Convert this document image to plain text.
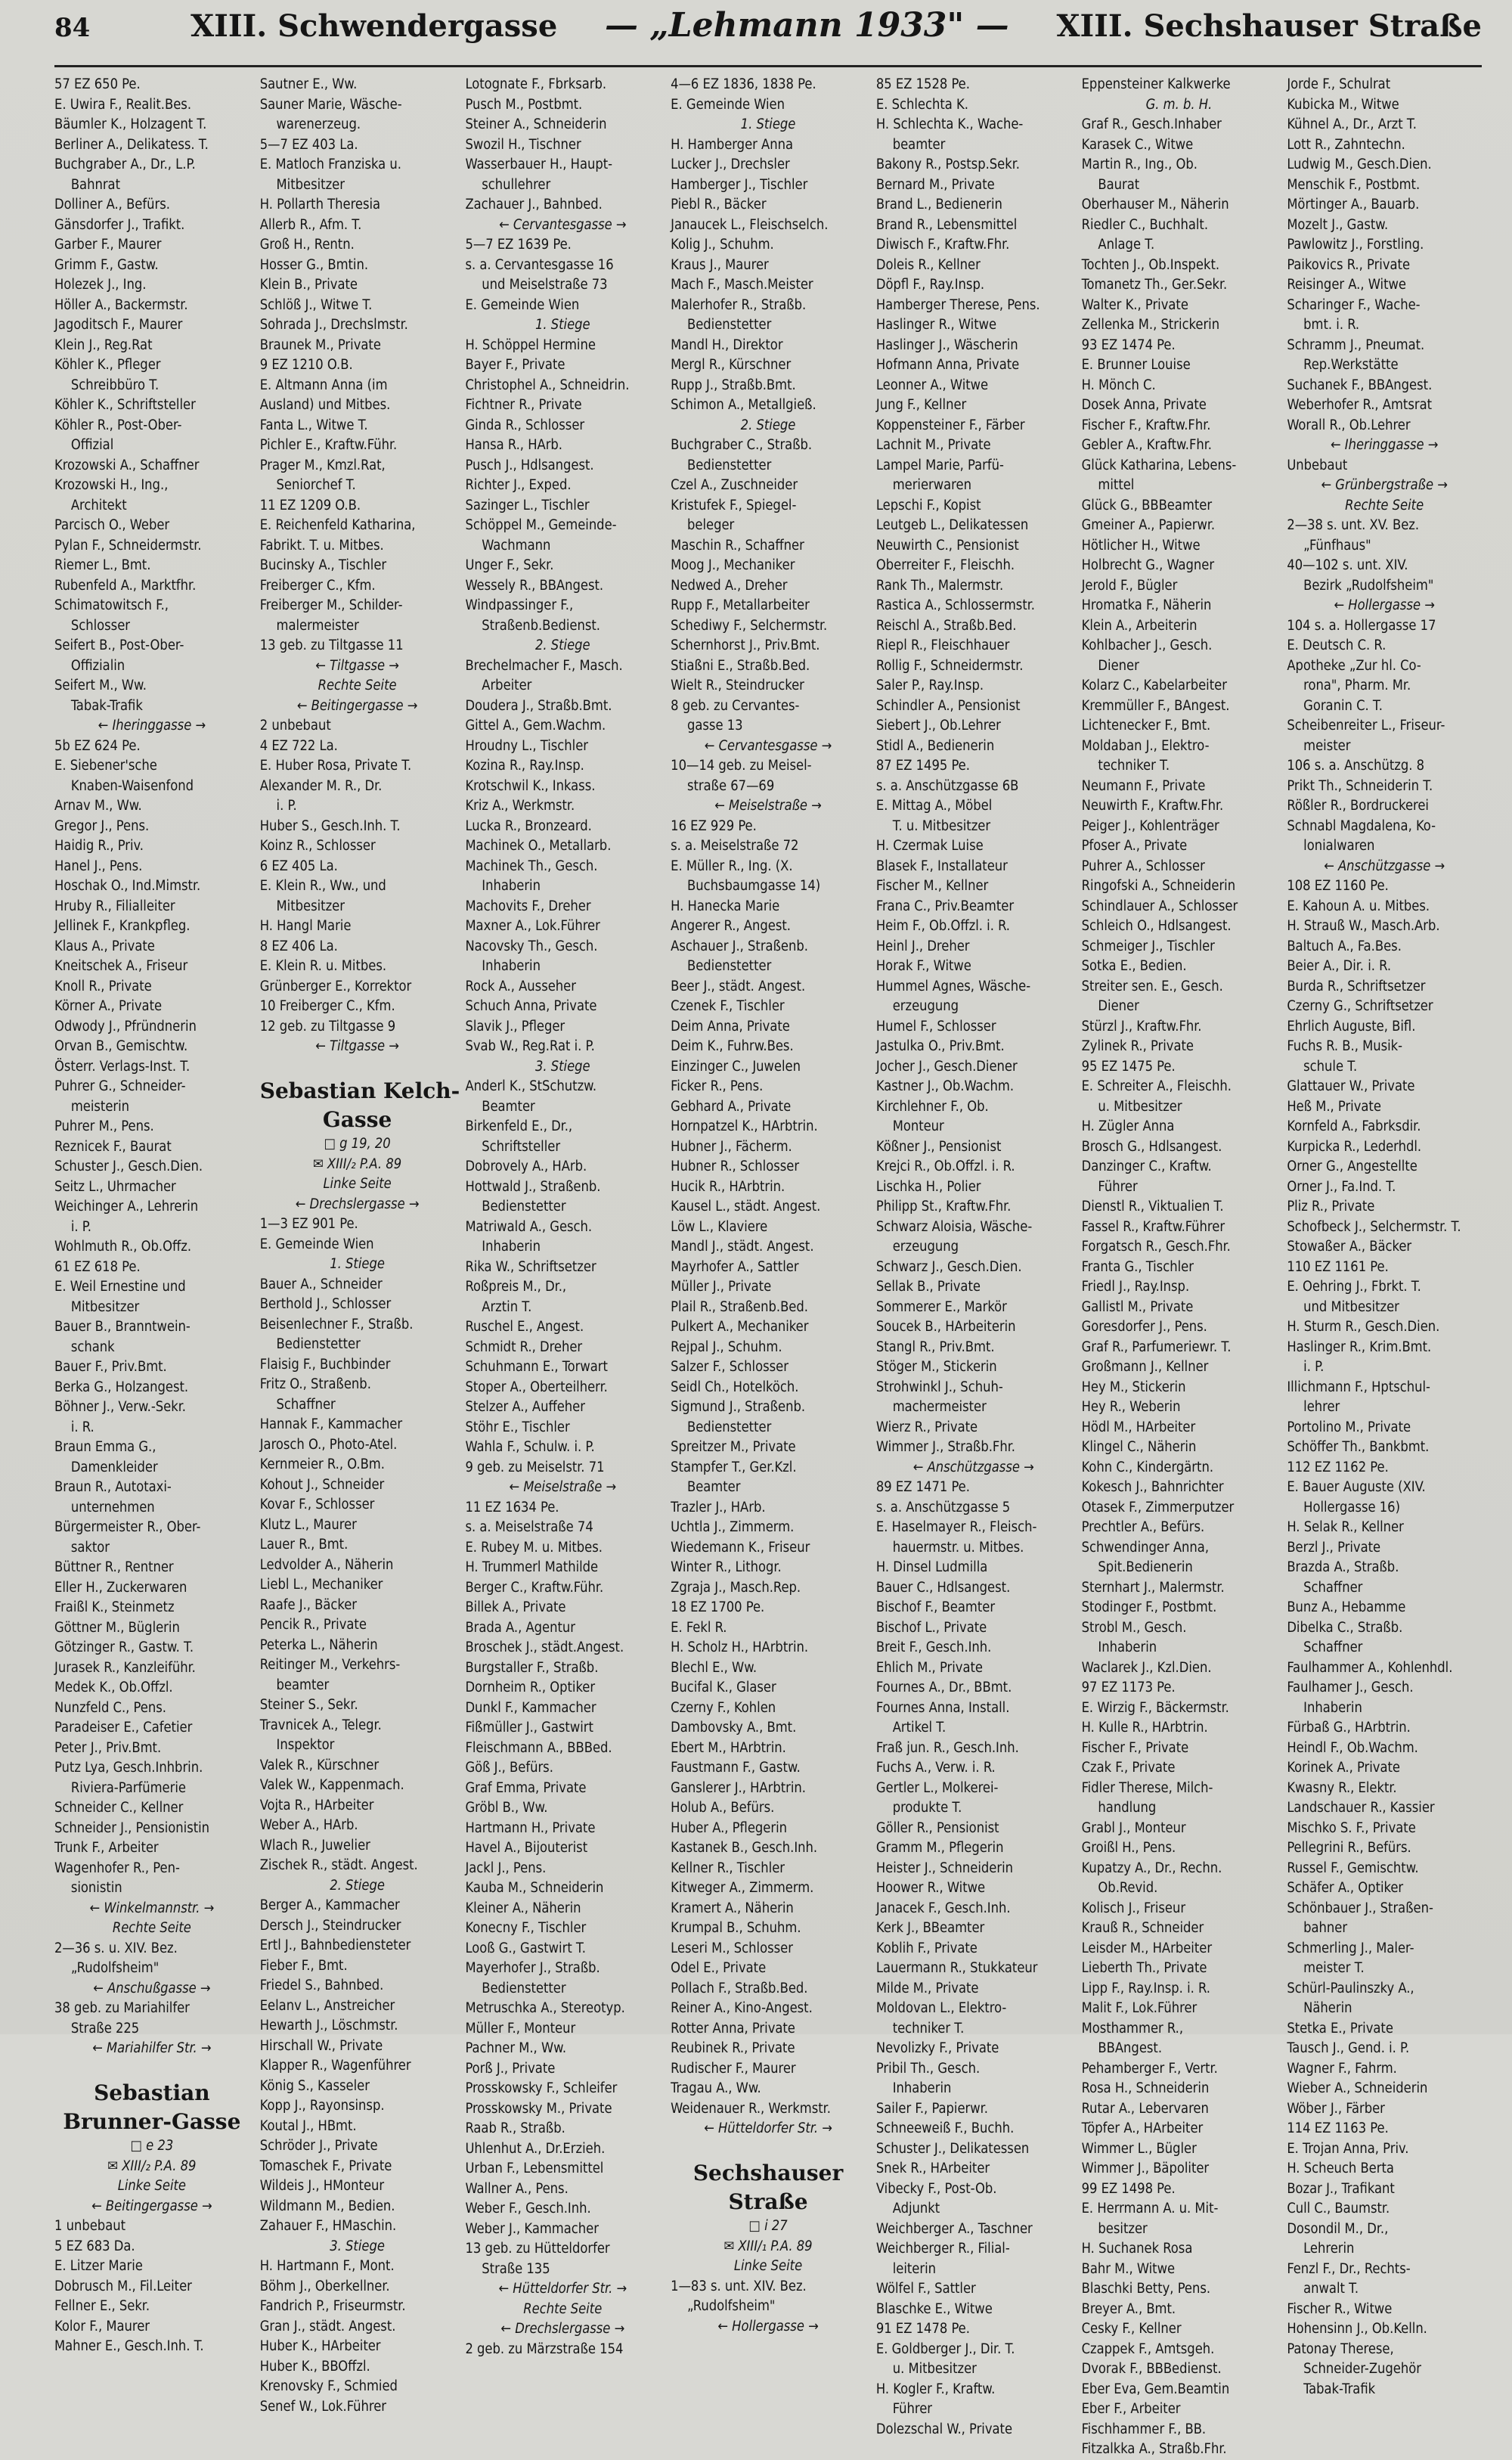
84	XIII. Schwendergasse — „Lehmann 1933" — XIII. Sechshauser Straße
57 EZ 650 Pe.
E. Uwira F., Realit.Bes.
Bäumler K., Holzagent T.
Berliner A., Delikatess. T.
Buchgraber A., Dr., L.P.
Bahnrat
Dolliner A., Befürs.
Gänsdorfer J., Trafikt.
Garber F., Maurer
Grimm F., Gastw.
Holezek J., Ing.
Höller A., Backermstr.
Jagoditsch F., Maurer
Klein J., Reg.Rat
Köhler K., Pfleger
Schreibbüro T.
Köhler K., Schriftsteller
Köhler R., Post-Ober-
Offizial
Krozowski A., Schaffner
Krozowski H., Ing.,
Architekt
Parcisch O., Weber
Pylan F., Schneidermstr.
Riemer L., Bmt.
Rubenfeld A., Marktfhr.
Schimatowitsch F.,
Schlosser
Seifert B., Post-Ober-
Offizialin
Seifert M., Ww.
Tabak-Trafik
← Iheringgasse →
5b EZ 624 Pe.
E. Siebener'sche
Knaben-Waisenfond
Arnav M., Ww.
Gregor J., Pens.
Haidig R., Priv.
Hanel J., Pens.
Hoschak O., Ind.Mimstr.
Hruby R., Filialleiter
Jellinek F., Krankpfleg.
Klaus A., Private
Kneitschek A., Friseur
Knoll R., Private
Körner A., Private
Odwody J., Pfründnerin
Orvan B., Gemischtw.
Österr. Verlags-Inst. T.
Puhrer G., Schneider-
meisterin
Puhrer M., Pens.
Reznicek F., Baurat
Schuster J., Gesch.Dien.
Seitz L., Uhrmacher
Weichinger A., Lehrerin
i. P.
Wohlmuth R., Ob.Offz.
61 EZ 618 Pe.
E. Weil Ernestine und
Mitbesitzer
Bauer B., Branntwein-
schank
Bauer F., Priv.Bmt.
Berka G., Holzangest.
Böhner J., Verw.-Sekr.
i. R.
Braun Emma G.,
Damenkleider
Braun R., Autotaxi-
unternehmen
Bürgermeister R., Ober-
saktor
Büttner R., Rentner
Eller H., Zuckerwaren
Fraißl K., Steinmetz
Göttner M., Büglerin
Götzinger R., Gastw. T.
Jurasek R., Kanzleiführ.
Medek K., Ob.Offzl.
Nunzfeld C., Pens.
Paradeiser E., Cafetier
Peter J., Priv.Bmt.
Putz Lya, Gesch.Inhbrin.
Riviera-Parfümerie
Schneider C., Kellner
Schneider J., Pensionistin
Trunk F., Arbeiter
Wagenhofer R., Pen-
sionistin
← Winkelmannstr. →
Rechte Seite
2—36 s. u. XIV. Bez.
„Rudolfsheim"
← Anschußgasse →
38 geb. zu Mariahilfer
Straße 225
← Mariahilfer Str. →
Sebastian
Brunner-Gasse
□ e 23
✉ XIII/₂ P.A. 89
Linke Seite
← Beitingergasse →
1 unbebaut
5 EZ 683 Da.
E. Litzer Marie
Dobrusch M., Fil.Leiter
Fellner E., Sekr.
Kolor F., Maurer
Mahner E., Gesch.Inh. T.
Sautner E., Ww.
Sauner Marie, Wäsche-
warenerzeug.
5—7 EZ 403 La.
E. Matloch Franziska u.
Mitbesitzer
H. Pollarth Theresia
Allerb R., Afm. T.
Groß H., Rentn.
Hosser G., Bmtin.
Klein B., Private
Schlöß J., Witwe T.
Sohrada J., Drechslmstr.
Braunek M., Private
9 EZ 1210 O.B.
E. Altmann Anna (im
Ausland) und Mitbes.
Fanta L., Witwe T.
Pichler E., Kraftw.Führ.
Prager M., Kmzl.Rat,
Seniorchef T.
11 EZ 1209 O.B.
E. Reichenfeld Katharina,
Fabrikt. T. u. Mitbes.
Bucinsky A., Tischler
Freiberger C., Kfm.
Freiberger M., Schilder-
malermeister
13 geb. zu Tiltgasse 11
← Tiltgasse →
Rechte Seite
← Beitingergasse →
2 unbebaut
4 EZ 722 La.
E. Huber Rosa, Private T.
Alexander M. R., Dr.
i. P.
Huber S., Gesch.Inh. T.
Koinz R., Schlosser
6 EZ 405 La.
E. Klein R., Ww., und
Mitbesitzer
H. Hangl Marie
8 EZ 406 La.
E. Klein R. u. Mitbes.
Grünberger E., Korrektor
10 Freiberger C., Kfm.
12 geb. zu Tiltgasse 9
← Tiltgasse →
Sebastian Kelch-
Gasse
□ g 19, 20
✉ XIII/₂ P.A. 89
Linke Seite
← Drechslergasse →
1—3 EZ 901 Pe.
E. Gemeinde Wien
1. Stiege
Bauer A., Schneider
Berthold J., Schlosser
Beisenlechner F., Straßb.
Bedienstetter
Flaisig F., Buchbinder
Fritz O., Straßenb.
Schaffner
Hannak F., Kammacher
Jarosch O., Photo-Atel.
Kernmeier R., O.Bm.
Kohout J., Schneider
Kovar F., Schlosser
Klutz L., Maurer
Lauer R., Bmt.
Ledvolder A., Näherin
Liebl L., Mechaniker
Raafe J., Bäcker
Pencik R., Private
Peterka L., Näherin
Reitinger M., Verkehrs-
beamter
Steiner S., Sekr.
Travnicek A., Telegr.
Inspektor
Valek R., Kürschner
Valek W., Kappenmach.
Vojta R., HArbeiter
Weber A., HArb.
Wlach R., Juwelier
Zischek R., städt. Angest.
2. Stiege
Berger A., Kammacher
Dersch J., Steindrucker
Ertl J., Bahnbediensteter
Fieber F., Bmt.
Friedel S., Bahnbed.
Eelanv L., Anstreicher
Hewarth J., Löschmstr.
Hirschall W., Private
Klapper R., Wagenführer
König S., Kasseler
Kopp J., Rayonsinsp.
Koutal J., HBmt.
Schröder J., Private
Tomaschek F., Private
Wildeis J., HMonteur
Wildmann M., Bedien.
Zahauer F., HMaschin.
3. Stiege
H. Hartmann F., Mont.
Böhm J., Oberkellner.
Fandrich P., Friseurmstr.
Gran J., städt. Angest.
Huber K., HArbeiter
Huber K., BBOffzl.
Krenovsky F., Schmied
Senef W., Lok.Führer
Lotognate F., Fbrksarb.
Pusch M., Postbmt.
Steiner A., Schneiderin
Swozil H., Tischner
Wasserbauer H., Haupt-
schullehrer
Zachauer J., Bahnbed.
← Cervantesgasse →
5—7 EZ 1639 Pe.
s. a. Cervantesgasse 16
und Meiselstraße 73
E. Gemeinde Wien
1. Stiege
H. Schöppel Hermine
Bayer F., Private
Christophel A., Schneidrin.
Fichtner R., Private
Ginda R., Schlosser
Hansa R., HArb.
Pusch J., Hdlsangest.
Richter J., Exped.
Sazinger L., Tischler
Schöppel M., Gemeinde-
Wachmann
Unger F., Sekr.
Wessely R., BBAngest.
Windpassinger F.,
Straßenb.Bedienst.
2. Stiege
Brechelmacher F., Masch.
Arbeiter
Doudera J., Straßb.Bmt.
Gittel A., Gem.Wachm.
Hroudny L., Tischler
Kozina R., Ray.Insp.
Krotschwil K., Inkass.
Kriz A., Werkmstr.
Lucka R., Bronzeard.
Machinek O., Metallarb.
Machinek Th., Gesch.
Inhaberin
Machovits F., Dreher
Maxner A., Lok.Führer
Nacovsky Th., Gesch.
Inhaberin
Rock A., Ausseher
Schuch Anna, Private
Slavik J., Pfleger
Svab W., Reg.Rat i. P.
3. Stiege
Anderl K., StSchutzw.
Beamter
Birkenfeld E., Dr.,
Schriftsteller
Dobrovely A., HArb.
Hottwald J., Straßenb.
Bedienstetter
Matriwald A., Gesch.
Inhaberin
Rika W., Schriftsetzer
Roßpreis M., Dr.,
Arztin T.
Ruschel E., Angest.
Schmidt R., Dreher
Schuhmann E., Torwart
Stoper A., Oberteilherr.
Stelzer A., Auffeher
Stöhr E., Tischler
Wahla F., Schulw. i. P.
9 geb. zu Meiselstr. 71
← Meiselstraße →
11 EZ 1634 Pe.
s. a. Meiselstraße 74
E. Rubey M. u. Mitbes.
H. Trummerl Mathilde
Berger C., Kraftw.Führ.
Billek A., Private
Brada A., Agentur
Broschek J., städt.Angest.
Burgstaller F., Straßb.
Dornheim R., Optiker
Dunkl F., Kammacher
Fißmüller J., Gastwirt
Fleischmann A., BBBed.
Göß J., Befürs.
Graf Emma, Private
Gröbl B., Ww.
Hartmann H., Private
Havel A., Bijouterist
Jackl J., Pens.
Kauba M., Schneiderin
Kleiner A., Näherin
Konecny F., Tischler
Looß G., Gastwirt T.
Mayerhofer J., Straßb.
Bedienstetter
Metruschka A., Stereotyp.
Müller F., Monteur
Pachner M., Ww.
Porß J., Private
Prosskowsky F., Schleifer
Prosskowsky M., Private
Raab R., Straßb.
Uhlenhut A., Dr.Erzieh.
Urban F., Lebensmittel
Wallner A., Pens.
Weber F., Gesch.Inh.
Weber J., Kammacher
13 geb. zu Hütteldorfer
Straße 135
← Hütteldorfer Str. →
Rechte Seite
← Drechslergasse →
2 geb. zu Märzstraße 154
4—6 EZ 1836, 1838 Pe.
E. Gemeinde Wien
1. Stiege
H. Hamberger Anna
Lucker J., Drechsler
Hamberger J., Tischler
Piebl R., Bäcker
Janaucek L., Fleischselch.
Kolig J., Schuhm.
Kraus J., Maurer
Mach F., Masch.Meister
Malerhofer R., Straßb.
Bedienstetter
Mandl H., Direktor
Mergl R., Kürschner
Rupp J., Straßb.Bmt.
Schimon A., Metallgieß.
2. Stiege
Buchgraber C., Straßb.
Bedienstetter
Czel A., Zuschneider
Kristufek F., Spiegel-
beleger
Maschin R., Schaffner
Moog J., Mechaniker
Nedwed A., Dreher
Rupp F., Metallarbeiter
Schediwy F., Selchermstr.
Schernhorst J., Priv.Bmt.
Stiaßni E., Straßb.Bed.
Wielt R., Steindrucker
8 geb. zu Cervantes-
gasse 13
← Cervantesgasse →
10—14 geb. zu Meisel-
straße 67—69
← Meiselstraße →
16 EZ 929 Pe.
s. a. Meiselstraße 72
E. Müller R., Ing. (X.
Buchsbaumgasse 14)
H. Hanecka Marie
Angerer R., Angest.
Aschauer J., Straßenb.
Bedienstetter
Beer J., städt. Angest.
Czenek F., Tischler
Deim Anna, Private
Deim K., Fuhrw.Bes.
Einzinger C., Juwelen
Ficker R., Pens.
Gebhard A., Private
Hornpatzel K., HArbtrin.
Hubner J., Fächerm.
Hubner R., Schlosser
Hucik R., HArbtrin.
Kausel L., städt. Angest.
Löw L., Klaviere
Mandl J., städt. Angest.
Mayrhofer A., Sattler
Müller J., Private
Plail R., Straßenb.Bed.
Pulkert A., Mechaniker
Rejpal J., Schuhm.
Salzer F., Schlosser
Seidl Ch., Hotelköch.
Sigmund J., Straßenb.
Bedienstetter
Spreitzer M., Private
Stampfer T., Ger.Kzl.
Beamter
Trazler J., HArb.
Uchtla J., Zimmerm.
Wiedemann K., Friseur
Winter R., Lithogr.
Zgraja J., Masch.Rep.
18 EZ 1700 Pe.
E. Fekl R.
H. Scholz H., HArbtrin.
Blechl E., Ww.
Bucifal K., Glaser
Czerny F., Kohlen
Dambovsky A., Bmt.
Ebert M., HArbtrin.
Faustmann F., Gastw.
Ganslerer J., HArbtrin.
Holub A., Befürs.
Huber A., Pflegerin
Kastanek B., Gesch.Inh.
Kellner R., Tischler
Kitweger A., Zimmerm.
Kramert A., Näherin
Krumpal B., Schuhm.
Leseri M., Schlosser
Odel E., Private
Pollach F., Straßb.Bed.
Reiner A., Kino-Angest.
Rotter Anna, Private
Reubinek R., Private
Rudischer F., Maurer
Tragau A., Ww.
Weidenauer R., Werkmstr.
← Hütteldorfer Str. →
Sechshauser
Straße
□ i 27
✉ XIII/₁ P.A. 89
Linke Seite
1—83 s. unt. XIV. Bez.
„Rudolfsheim"
← Hollergasse →
85 EZ 1528 Pe.
E. Schlechta K.
H. Schlechta K., Wache-
beamter
Bakony R., Postsp.Sekr.
Bernard M., Private
Brand L., Bedienerin
Brand R., Lebensmittel
Diwisch F., Kraftw.Fhr.
Doleis R., Kellner
Döpfl F., Ray.Insp.
Hamberger Therese, Pens.
Haslinger R., Witwe
Haslinger J., Wäscherin
Hofmann Anna, Private
Leonner A., Witwe
Jung F., Kellner
Koppensteiner F., Färber
Lachnit M., Private
Lampel Marie, Parfü-
merierwaren
Lepschi F., Kopist
Leutgeb L., Delikatessen
Neuwirth C., Pensionist
Oberreiter F., Fleischh.
Rank Th., Malermstr.
Rastica A., Schlossermstr.
Reischl A., Straßb.Bed.
Riepl R., Fleischhauer
Rollig F., Schneidermstr.
Saler P., Ray.Insp.
Schindler A., Pensionist
Siebert J., Ob.Lehrer
Stidl A., Bedienerin
87 EZ 1495 Pe.
s. a. Anschützgasse 6B
E. Mittag A., Möbel
T. u. Mitbesitzer
H. Czermak Luise
Blasek F., Installateur
Fischer M., Kellner
Frana C., Priv.Beamter
Heim F., Ob.Offzl. i. R.
Heinl J., Dreher
Horak F., Witwe
Hummel Agnes, Wäsche-
erzeugung
Humel F., Schlosser
Jastulka O., Priv.Bmt.
Jocher J., Gesch.Diener
Kastner J., Ob.Wachm.
Kirchlehner F., Ob.
Monteur
Kößner J., Pensionist
Krejci R., Ob.Offzl. i. R.
Lischka H., Polier
Philipp St., Kraftw.Fhr.
Schwarz Aloisia, Wäsche-
erzeugung
Schwarz J., Gesch.Dien.
Sellak B., Private
Sommerer E., Markör
Soucek B., HArbeiterin
Stangl R., Priv.Bmt.
Stöger M., Stickerin
Strohwinkl J., Schuh-
machermeister
Wierz R., Private
Wimmer J., Straßb.Fhr.
← Anschützgasse →
89 EZ 1471 Pe.
s. a. Anschützgasse 5
E. Haselmayer R., Fleisch-
hauermstr. u. Mitbes.
H. Dinsel Ludmilla
Bauer C., Hdlsangest.
Bischof F., Beamter
Bischof L., Private
Breit F., Gesch.Inh.
Ehlich M., Private
Fournes A., Dr., BBmt.
Fournes Anna, Install.
Artikel T.
Fraß jun. R., Gesch.Inh.
Fuchs A., Verw. i. R.
Gertler L., Molkerei-
produkte T.
Göller R., Pensionist
Gramm M., Pflegerin
Heister J., Schneiderin
Hoower R., Witwe
Janacek F., Gesch.Inh.
Kerk J., BBeamter
Koblih F., Private
Lauermann R., Stukkateur
Milde M., Private
Moldovan L., Elektro-
techniker T.
Nevolizky F., Private
Pribil Th., Gesch.
Inhaberin
Sailer F., Papierwr.
Schneeweiß F., Buchh.
Schuster J., Delikatessen
Snek R., HArbeiter
Vibecky F., Post-Ob.
Adjunkt
Weichberger A., Taschner
Weichberger R., Filial-
leiterin
Wölfel F., Sattler
Blaschke E., Witwe
91 EZ 1478 Pe.
E. Goldberger J., Dir. T.
u. Mitbesitzer
H. Kogler F., Kraftw.
Führer
Dolezschal W., Private
Eppensteiner Kalkwerke
G. m. b. H.
Graf R., Gesch.Inhaber
Karasek C., Witwe
Martin R., Ing., Ob.
Baurat
Oberhauser M., Näherin
Riedler C., Buchhalt.
Anlage T.
Tochten J., Ob.Inspekt.
Tomanetz Th., Ger.Sekr.
Walter K., Private
Zellenka M., Strickerin
93 EZ 1474 Pe.
E. Brunner Louise
H. Mönch C.
Dosek Anna, Private
Fischer F., Kraftw.Fhr.
Gebler A., Kraftw.Fhr.
Glück Katharina, Lebens-
mittel
Glück G., BBBeamter
Gmeiner A., Papierwr.
Hötlicher H., Witwe
Holbrecht G., Wagner
Jerold F., Bügler
Hromatka F., Näherin
Klein A., Arbeiterin
Kohlbacher J., Gesch.
Diener
Kolarz C., Kabelarbeiter
Kremmüller F., BAngest.
Lichtenecker F., Bmt.
Moldaban J., Elektro-
techniker T.
Neumann F., Private
Neuwirth F., Kraftw.Fhr.
Peiger J., Kohlenträger
Pfoser A., Private
Puhrer A., Schlosser
Ringofski A., Schneiderin
Schindlauer A., Schlosser
Schleich O., Hdlsangest.
Schmeiger J., Tischler
Sotka E., Bedien.
Streiter sen. E., Gesch.
Diener
Stürzl J., Kraftw.Fhr.
Zylinek R., Private
95 EZ 1475 Pe.
E. Schreiter A., Fleischh.
u. Mitbesitzer
H. Zügler Anna
Brosch G., Hdlsangest.
Danzinger C., Kraftw.
Führer
Dienstl R., Viktualien T.
Fassel R., Kraftw.Führer
Forgatsch R., Gesch.Fhr.
Franta G., Tischler
Friedl J., Ray.Insp.
Gallistl M., Private
Goresdorfer J., Pens.
Graf R., Parfumeriewr. T.
Großmann J., Kellner
Hey M., Stickerin
Hey R., Weberin
Hödl M., HArbeiter
Klingel C., Näherin
Kohn C., Kindergärtn.
Kokesch J., Bahnrichter
Otasek F., Zimmerputzer
Prechtler A., Befürs.
Schwendinger Anna,
Spit.Bedienerin
Sternhart J., Malermstr.
Stodinger F., Postbmt.
Strobl M., Gesch.
Inhaberin
Waclarek J., Kzl.Dien.
97 EZ 1173 Pe.
E. Wirzig F., Bäckermstr.
H. Kulle R., HArbtrin.
Fischer F., Private
Czak F., Private
Fidler Therese, Milch-
handlung
Grabl J., Monteur
Groißl H., Pens.
Kupatzy A., Dr., Rechn.
Ob.Revid.
Kolisch J., Friseur
Krauß R., Schneider
Leisder M., HArbeiter
Lieberth Th., Private
Lipp F., Ray.Insp. i. R.
Malit F., Lok.Führer
Mosthammer R.,
BBAngest.
Pehamberger F., Vertr.
Rosa H., Schneiderin
Rutar A., Lebervaren
Töpfer A., HArbeiter
Wimmer L., Bügler
Wimmer J., Bäpoliter
99 EZ 1498 Pe.
E. Herrmann A. u. Mit-
besitzer
H. Suchanek Rosa
Bahr M., Witwe
Blaschki Betty, Pens.
Breyer A., Bmt.
Cesky F., Kellner
Czappek F., Amtsgeh.
Dvorak F., BBBedienst.
Eber Eva, Gem.Beamtin
Eber F., Arbeiter
Fischhammer F., BB.
Fitzalkka A., Straßb.Fhr.
Jorde F., Schulrat
Kubicka M., Witwe
Kühnel A., Dr., Arzt T.
Lott R., Zahntechn.
Ludwig M., Gesch.Dien.
Menschik F., Postbmt.
Mörtinger A., Bauarb.
Mozelt J., Gastw.
Pawlowitz J., Forstling.
Paikovics R., Private
Reisinger A., Witwe
Scharinger F., Wache-
bmt. i. R.
Schramm J., Pneumat.
Rep.Werkstätte
Suchanek F., BBAngest.
Weberhofer R., Amtsrat
Worall R., Ob.Lehrer
← Iheringgasse →
Unbebaut
← Grünbergstraße →
Rechte Seite
2—38 s. unt. XV. Bez.
„Fünfhaus"
40—102 s. unt. XIV.
Bezirk „Rudolfsheim"
← Hollergasse →
104 s. a. Hollergasse 17
E. Deutsch C. R.
Apotheke „Zur hl. Co-
rona", Pharm. Mr.
Goranin C. T.
Scheibenreiter L., Friseur-
meister
106 s. a. Anschützg. 8
Prikt Th., Schneiderin T.
Rößler R., Bordruckerei
Schnabl Magdalena, Ko-
lonialwaren
← Anschützgasse →
108 EZ 1160 Pe.
E. Kahoun A. u. Mitbes.
H. Strauß W., Masch.Arb.
Baltuch A., Fa.Bes.
Beier A., Dir. i. R.
Burda R., Schriftsetzer
Czerny G., Schriftsetzer
Ehrlich Auguste, Bifl.
Fuchs R. B., Musik-
schule T.
Glattauer W., Private
Heß M., Private
Kornfeld A., Fabrksdir.
Kurpicka R., Lederhdl.
Orner G., Angestellte
Orner J., Fa.Ind. T.
Pliz R., Private
Schofbeck J., Selchermstr. T.
Stowaßer A., Bäcker
110 EZ 1161 Pe.
E. Oehring J., Fbrkt. T.
und Mitbesitzer
H. Sturm R., Gesch.Dien.
Haslinger R., Krim.Bmt.
i. P.
Illichmann F., Hptschul-
lehrer
Portolino M., Private
Schöffer Th., Bankbmt.
112 EZ 1162 Pe.
E. Bauer Auguste (XIV.
Hollergasse 16)
H. Selak R., Kellner
Berzl J., Private
Brazda A., Straßb.
Schaffner
Bunz A., Hebamme
Dibelka C., Straßb.
Schaffner
Faulhammer A., Kohlenhdl.
Faulhamer J., Gesch.
Inhaberin
Fürbaß G., HArbtrin.
Heindl F., Ob.Wachm.
Korinek A., Private
Kwasny R., Elektr.
Landschauer R., Kassier
Mischko S. F., Private
Pellegrini R., Befürs.
Russel F., Gemischtw.
Schäfer A., Optiker
Schönbauer J., Straßen-
bahner
Schmerling J., Maler-
meister T.
Schürl-Paulinszky A.,
Näherin
Stetka E., Private
Tausch J., Gend. i. P.
Wagner F., Fahrm.
Wieber A., Schneiderin
Wöber J., Färber
114 EZ 1163 Pe.
E. Trojan Anna, Priv.
H. Scheuch Berta
Bozar J., Trafikant
Cull C., Baumstr.
Dosondil M., Dr.,
Lehrerin
Fenzl F., Dr., Rechts-
anwalt T.
Fischer R., Witwe
Hohensinn J., Ob.Kelln.
Patonay Therese,
Schneider-Zugehör
Tabak-Trafik
